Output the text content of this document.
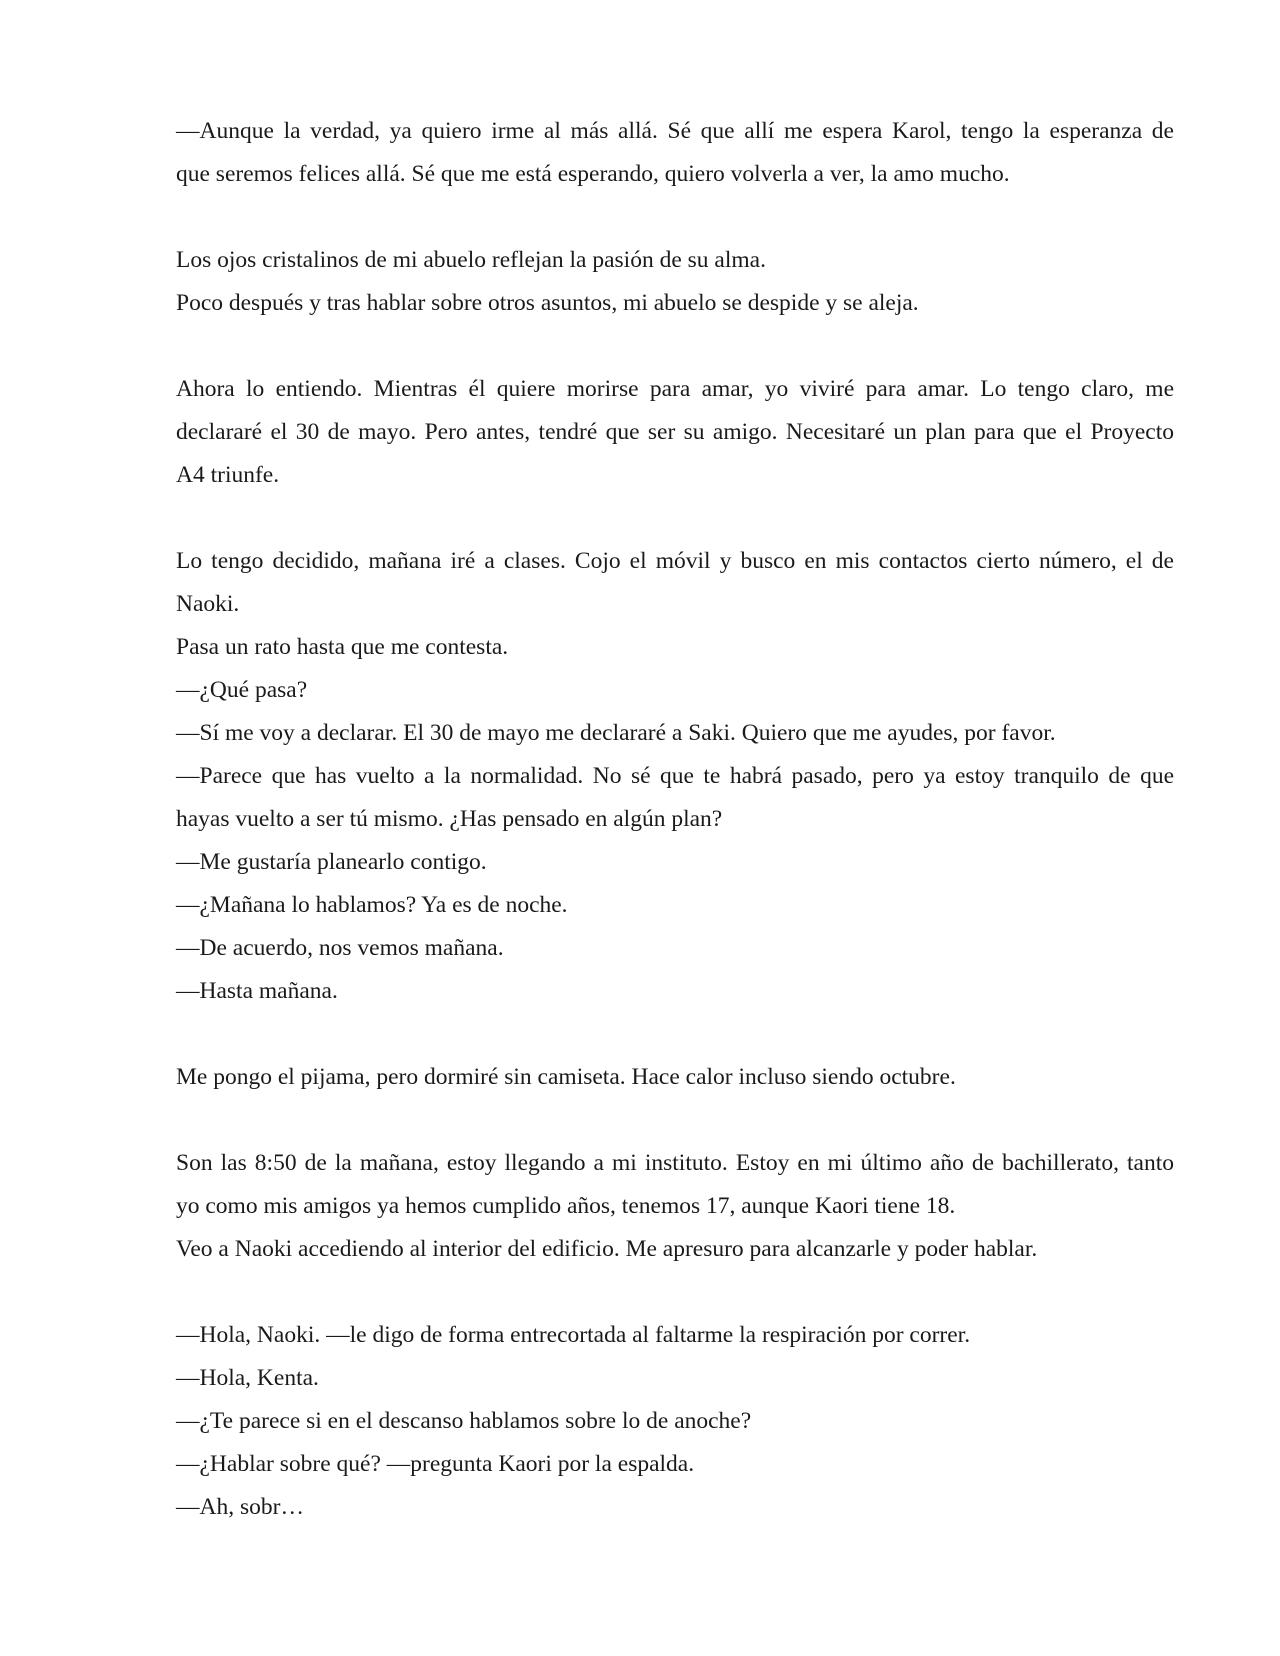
—Aunque la verdad, ya quiero irme al más allá. Sé que allí me espera Karol, tengo la esperanza de
que seremos felices allá. Sé que me está esperando, quiero volverla a ver, la amo mucho.
Los ojos cristalinos de mi abuelo reflejan la pasión de su alma.
Poco después y tras hablar sobre otros asuntos, mi abuelo se despide y se aleja.
Ahora lo entiendo. Mientras él quiere morirse para amar, yo viviré para amar. Lo tengo claro, me
declararé el 30 de mayo. Pero antes, tendré que ser su amigo. Necesitaré un plan para que el Proyecto
A4 triunfe.
Lo tengo decidido, mañana iré a clases. Cojo el móvil y busco en mis contactos cierto número, el de
Naoki.
Pasa un rato hasta que me contesta.
—¿Qué pasa?
—Sí me voy a declarar. El 30 de mayo me declararé a Saki. Quiero que me ayudes, por favor.
—Parece que has vuelto a la normalidad. No sé que te habrá pasado, pero ya estoy tranquilo de que
hayas vuelto a ser tú mismo. ¿Has pensado en algún plan?
—Me gustaría planearlo contigo.
—¿Mañana lo hablamos? Ya es de noche.
—De acuerdo, nos vemos mañana.
—Hasta mañana.
Me pongo el pijama, pero dormiré sin camiseta. Hace calor incluso siendo octubre.
Son las 8:50 de la mañana, estoy llegando a mi instituto. Estoy en mi último año de bachillerato, tanto
yo como mis amigos ya hemos cumplido años, tenemos 17, aunque Kaori tiene 18.
Veo a Naoki accediendo al interior del edificio. Me apresuro para alcanzarle y poder hablar.
—Hola, Naoki. —le digo de forma entrecortada al faltarme la respiración por correr.
—Hola, Kenta.
—¿Te parece si en el descanso hablamos sobre lo de anoche?
—¿Hablar sobre qué? —pregunta Kaori por la espalda.
—Ah, sobr…
